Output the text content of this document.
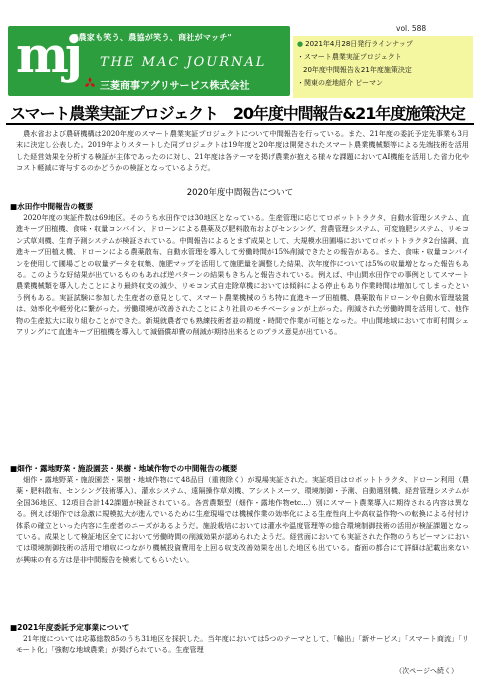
mj
"農家も笑う、農協が笑う、商社がマッチ"
THE MAC JOURNAL
三菱商事アグリサービス株式会社
vol. 588
● 2021年4月28日発行ラインナップ
・スマート農業実証プロジェクト
20年度中間報告＆21年度施策決定
・関東の産地紹介 ピーマン
スマート農業実証プロジェクト　20年度中間報告&21年度施策決定

　農水省および農研機構は2020年度のスマート農業実証プロジェクトについて中間報告を行っている。また、21年度の委託予定先事業も3月末に決定し公表した。2019年よりスタートした同プロジェクトは19年度と20年度は開発されたスマート農業機械類等による先端技術を活用した経営効果を分析する検証が主体であったのに対し、21年度は各テーマを掲げ農業が抱える様々な課題においてAI機能を活用した省力化やコスト軽減に寄与するのかどうかの検証となっているようだ。

2020年度中間報告について

■水田作中間報告の概要

　2020年度の実証件数は69地区。そのうち水田作では30地区となっている。生産管理に応じてロボットトラクタ、自動水管理システム、直進キープ田植機、食味・収量コンバイン、ドローンによる農薬及び肥料散布およびセンシング、営農管理システム、可変施肥システム、リモコン式草刈機、生育予測システムが検証されている。中間報告によるとまず成果として、大規模水田圃場においてロボットトラクタ2台協調、直進キープ田植え機、ドローンによる農薬散布、自動水管理を導入して労働時間が15%削減できたとの報告がある。また、食味・収量コンバインを使用して圃場ごとの収量データを収集、施肥マップを活用して施肥量を調整した結果、次年度作については5%の収量増となった報告もある。このような好結果が出ているものもあれば逆パターンの結果もきちんと報告されている。例えば、中山間水田作での事例としてスマート農業機械類を導入したことにより最終収支の減少、リモコン式自走除草機においては傾斜による停止もあり作業時間は増加してしまったという例もある。実証試験に参加した生産者の意見として、スマート農業機械のうち特に直進キープ田植機、農薬散布ドローンや自動水管理装置は、効率化や軽労化に繋がった。労働環境が改善されたことにより社員のモチベーションが上がった。削減された労働時間を活用して、他作物の生産拡大に取り組むことができた。新規就農者でも熟練技術者並の精度・時間で作業が可能となった。中山間地域において市町村間シェアリングにて直進キープ田植機を導入して減価償却費の削減が期待出来るとのプラス意見が出ている。

■畑作・露地野菜・施設園芸・果樹・地域作物での中間報告の概要

　畑作・露地野菜・施設園芸・果樹・地域作物にて48品目（重複除く）が現場実証された。実証項目はロボットトラクタ、ドローン利用（農薬・肥料散布、センシング技術導入）、灌水システム、遠隔操作草刈機、アシストスーツ、環境制御・予測、自動選別機、経営管理システムが全国36地区、12項目合計142課題が検証されている。各営農類型（畑作・露地作物etc…）別にスマート農業導入に期待される内容は異なる。例えば畑作では急激に規模拡大が進んでいるために生産現場では機械作業の効率化による生産性向上や高収益作物への転換による付付け体系の確立といった内容に生産者のニーズがあるようだ。施設栽培においては灌水や温度管理等の総合環境制御技術の活用が検証課題となっている。成果として検証地区全てにおいて労働時間の削減効果が認められたようだ。経営面においても実証された作物のうちピーマンにおいては環境制御技術の活用で増収につながり機械投資費用を上回る収支改善効果を出した地区も出ている。畜面の都合にて詳細は記載出来ないが興味の有る方は是非中間報告を検索してもらいたい。

■2021年度委託予定事業について

　21年度については応募総数85のうち31地区を採択した。当年度においては5つのテーマとして、「輸出」「新サービス」「スマート商流」「リモート化」「強靭な地域農業」が掲げられている。生産管理

（次ページへ続く）
